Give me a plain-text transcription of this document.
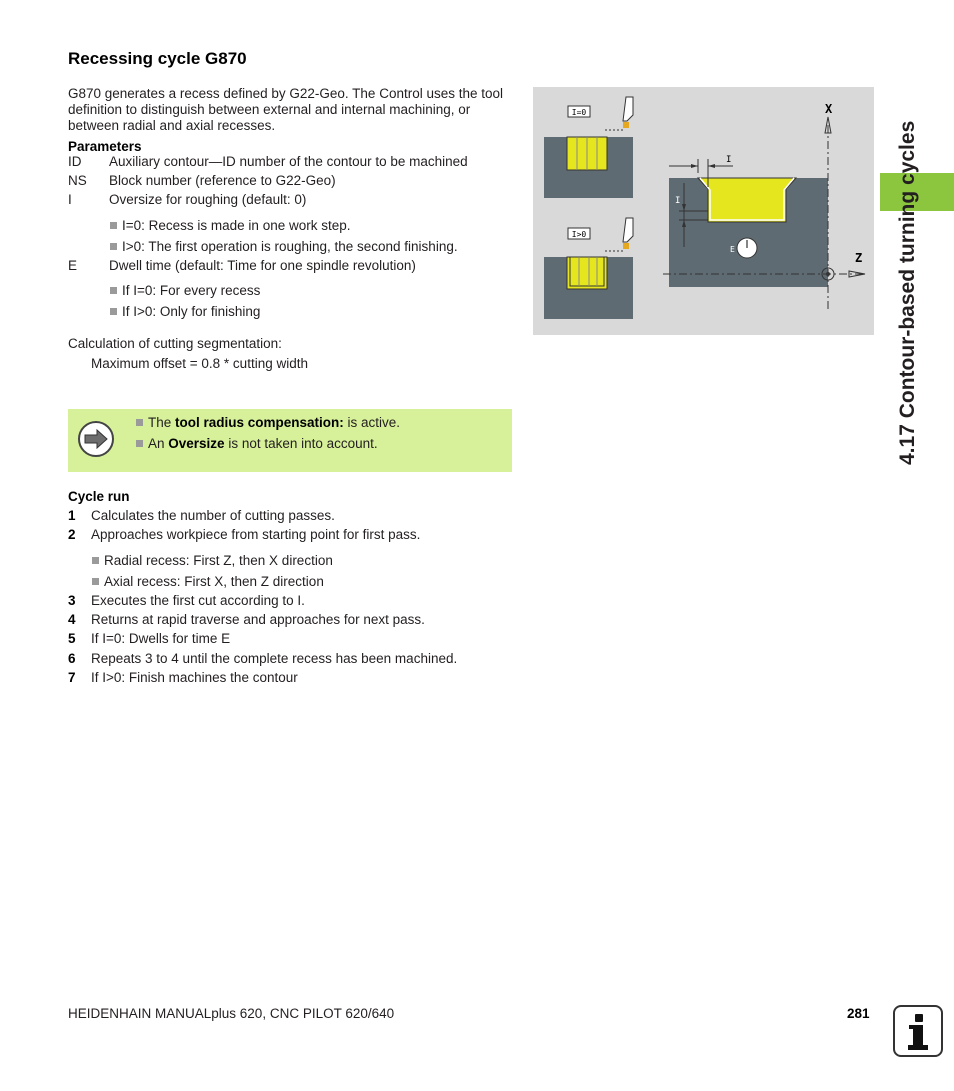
Recessing cycle G870
G870 generates a recess defined by G22-Geo. The Control uses the tool definition to distinguish between external and internal machining, or between radial and axial recesses.
Parameters
ID Auxiliary contour—ID number of the contour to be machined
NS Block number (reference to G22-Geo)
I	Oversize for roughing (default: 0)
I=0: Recess is made in one work step.
I>0: The first operation is roughing, the second finishing.
E Dwell time (default: Time for one spindle revolution)
If I=0: For every recess
If I>0: Only for finishing
Calculation of cutting segmentation:
Maximum offset = 0.8 * cutting width
The tool radius compensation: is active.
An Oversize is not taken into account.
Cycle run
1 Calculates the number of cutting passes.
2 Approaches workpiece from starting point for first pass.
Radial recess: First Z, then X direction
Axial recess: First X, then Z direction
3 Executes the first cut according to I.
4 Returns at rapid traverse and approaches for next pass.
5 If I=0: Dwells for time E
6 Repeats 3 to 4 until the complete recess has been machined.
7 If I>0: Finish machines the contour
I=0
I>0
E
I
I
X
Z 4.17 Contour-based turning cycles
HEIDENHAIN MANUALplus 620, CNC PILOT 620/640	281
